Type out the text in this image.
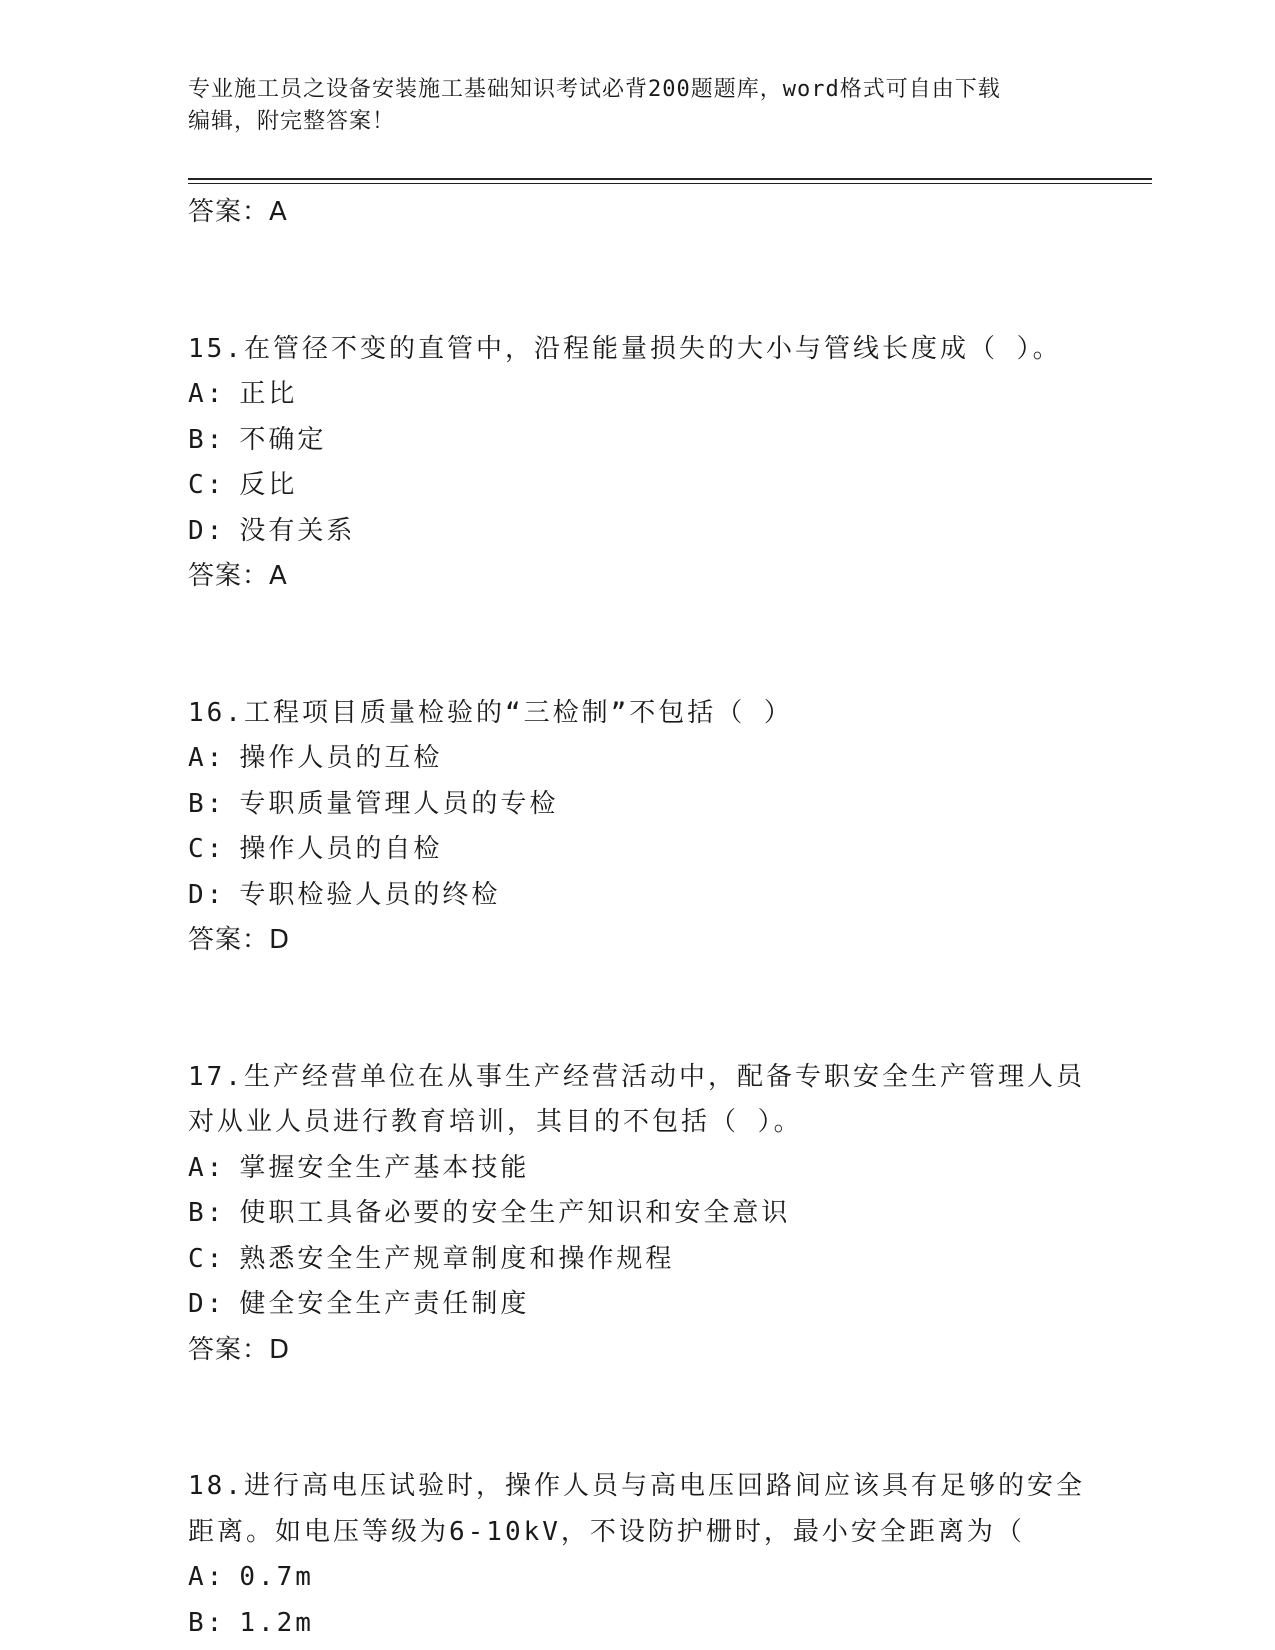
专业施工员之设备安装施工基础知识考试必背200题题库，word格式可自由下载
编辑，附完整答案！
答案：A
15.在管径不变的直管中，沿程能量损失的大小与管线长度成（ ）。
A: 正比
B: 不确定
C: 反比
D: 没有关系
答案：A
16.工程项目质量检验的“三检制”不包括（ ）
A: 操作人员的互检
B: 专职质量管理人员的专检
C: 操作人员的自检
D: 专职检验人员的终检
答案：D
17.生产经营单位在从事生产经营活动中，配备专职安全生产管理人员
对从业人员进行教育培训，其目的不包括（ ）。
A: 掌握安全生产基本技能
B: 使职工具备必要的安全生产知识和安全意识
C: 熟悉安全生产规章制度和操作规程
D: 健全安全生产责任制度
答案：D
18.进行高电压试验时，操作人员与高电压回路间应该具有足够的安全
距离。如电压等级为6-10kV，不设防护栅时，最小安全距离为（
A: 0.7m
B: 1.2m
